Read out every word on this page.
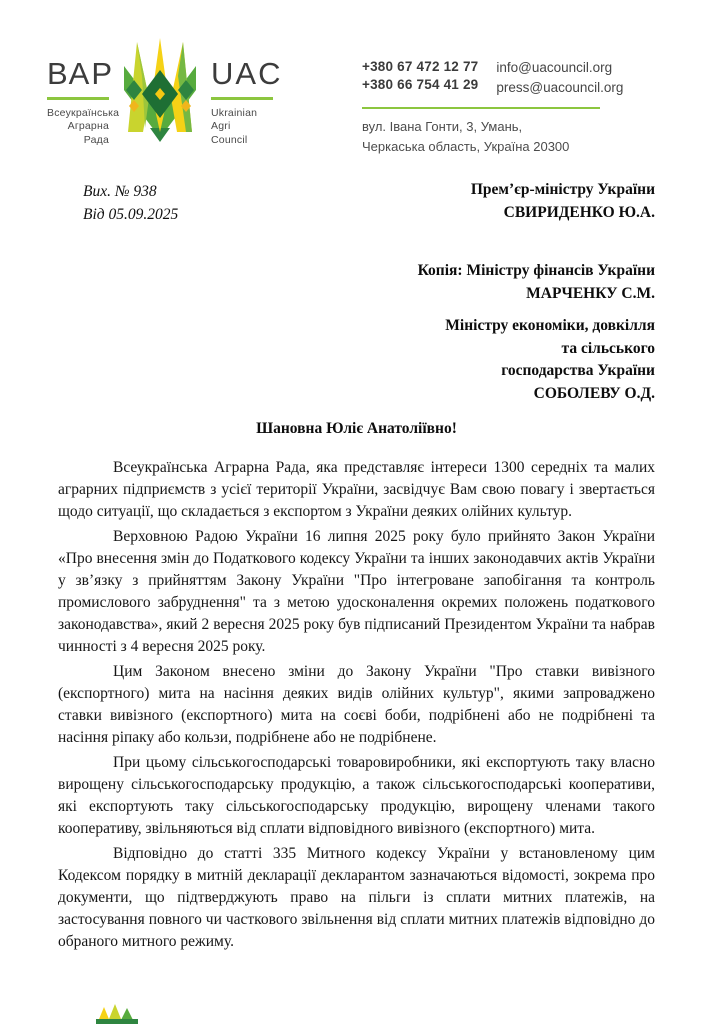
ВАР
Всеукраїнська
Аграрна
Рада
UAC
Ukrainian
Agri
Council
+380 67 472 12 77
+380 66 754 41 29
info@uacouncil.org
press@uacouncil.org
вул. Івана Гонти, 3, Умань,
Черкаська область, Україна 20300
Вих. № 938
Від 05.09.2025
Прем’єр-міністру України
СВИРИДЕНКО Ю.А.
Копія: Міністру фінансів України
МАРЧЕНКУ С.М.
Міністру економіки, довкілля
та сільського
господарства України
СОБОЛЕВУ О.Д.
Шановна Юліє Анатоліївно!

Всеукраїнська Аграрна Рада, яка представляє інтереси 1300 середніх та малих аграрних підприємств з усієї території України, засвідчує Вам свою повагу і звертається щодо ситуації, що складається з експортом з України деяких олійних культур.

Верховною Радою України 16 липня 2025 року було прийнято Закон України «Про внесення змін до Податкового кодексу України та інших законодавчих актів України у зв’язку з прийняттям Закону України "Про інтегроване запобігання та контроль промислового забруднення" та з метою удосконалення окремих положень податкового законодавства», який 2 вересня 2025 року був підписаний Президентом України та набрав чинності з 4 вересня 2025 року.

Цим Законом внесено зміни до Закону України "Про ставки вивізного (експортного) мита на насіння деяких видів олійних культур", якими запроваджено ставки вивізного (експортного) мита на соєві боби, подрібнені або не подрібнені та насіння ріпаку або кользи, подрібнене або не подрібнене.

При цьому сільськогосподарські товаровиробники, які експортують таку власно вирощену сільськогосподарську продукцію, а також сільськогосподарські кооперативи, які експортують таку сільськогосподарську продукцію, вирощену членами такого кооперативу, звільняються від сплати відповідного вивізного (експортного) мита.

Відповідно до статті 335 Митного кодексу України у встановленому цим Кодексом порядку в митній декларації декларантом зазначаються відомості, зокрема про документи, що підтверджують право на пільги із сплати митних платежів, на застосування повного чи часткового звільнення від сплати митних платежів відповідно до обраного митного режиму.
